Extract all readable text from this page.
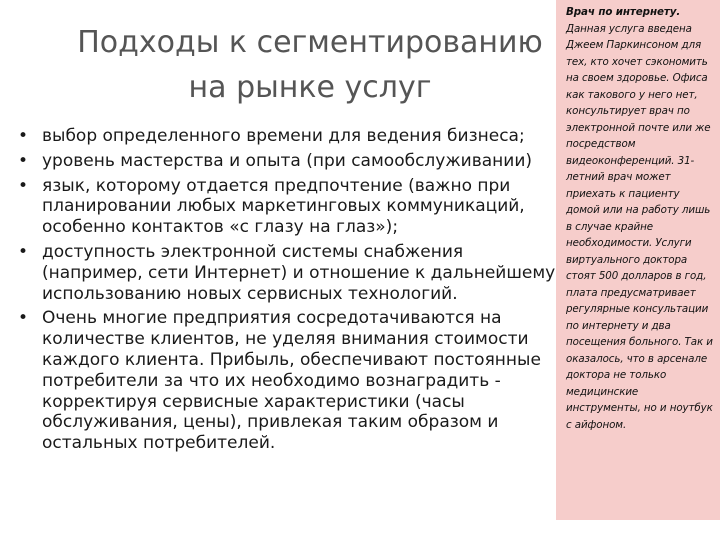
Подходы к сегментированию
на рынке услуг
• выбор определенного времени для ведения бизнеса;
• уровень мастерства и опыта (при самообслуживании)
• язык, которому отдается предпочтение (важно при планировании любых маркетинговых коммуникаций, особенно контактов «с глазу на глаз»);
• доступность электронной системы снабжения (например, сети Интернет) и отношение к дальнейшему использованию новых сервисных технологий.
• Очень многие предприятия сосредотачиваются на количестве клиентов, не уделяя внимания стоимости каждого клиента. Прибыль, обеспечивают постоянные потребители за что их необходимо вознаградить - корректируя сервисные характеристики (часы обслуживания, цены), привлекая таким образом и остальных потребителей.
Врач по интернету. Данная услуга введена Джеем Паркинсоном для тех, кто хочет сэкономить на своем здоровье. Офиса как такового у него нет, консультирует врач по электронной почте или же посредством видеоконференций. 31-летний врач может приехать к пациенту домой или на работу лишь в случае крайне необходимости. Услуги виртуального доктора стоят 500 долларов в год, плата предусматривает регулярные консультации по интернету и два посещения больного. Так и оказалось, что в арсенале доктора не только медицинские инструменты, но и ноутбук с айфоном.
